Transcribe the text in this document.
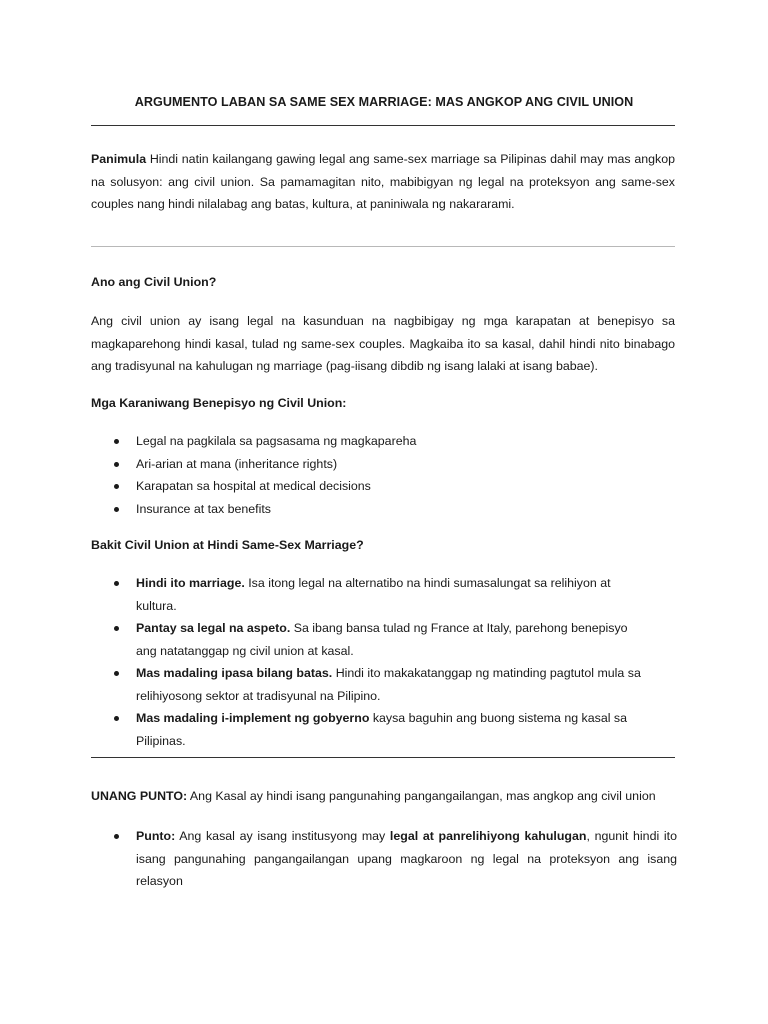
ARGUMENTO LABAN SA SAME SEX MARRIAGE: MAS ANGKOP ANG CIVIL UNION
Panimula Hindi natin kailangang gawing legal ang same-sex marriage sa Pilipinas dahil may mas angkop na solusyon: ang civil union. Sa pamamagitan nito, mabibigyan ng legal na proteksyon ang same-sex couples nang hindi nilalabag ang batas, kultura, at paniniwala ng nakararami.
Ano ang Civil Union?
Ang civil union ay isang legal na kasunduan na nagbibigay ng mga karapatan at benepisyo sa magkaparehong hindi kasal, tulad ng same-sex couples. Magkaiba ito sa kasal, dahil hindi nito binabago ang tradisyunal na kahulugan ng marriage (pag-iisang dibdib ng isang lalaki at isang babae).
Mga Karaniwang Benepisyo ng Civil Union:
Legal na pagkilala sa pagsasama ng magkapareha
Ari-arian at mana (inheritance rights)
Karapatan sa hospital at medical decisions
Insurance at tax benefits
Bakit Civil Union at Hindi Same-Sex Marriage?
Hindi ito marriage. Isa itong legal na alternatibo na hindi sumasalungat sa relihiyon at kultura.
Pantay sa legal na aspeto. Sa ibang bansa tulad ng France at Italy, parehong benepisyo ang natatanggap ng civil union at kasal.
Mas madaling ipasa bilang batas. Hindi ito makakatanggap ng matinding pagtutol mula sa relihiyosong sektor at tradisyunal na Pilipino.
Mas madaling i-implement ng gobyerno kaysa baguhin ang buong sistema ng kasal sa Pilipinas.
UNANG PUNTO: Ang Kasal ay hindi isang pangunahing pangangailangan, mas angkop ang civil union
Punto: Ang kasal ay isang institusyong may legal at panrelihiyong kahulugan, ngunit hindi ito isang pangunahing pangangailangan upang magkaroon ng legal na proteksyon ang isang relasyon
